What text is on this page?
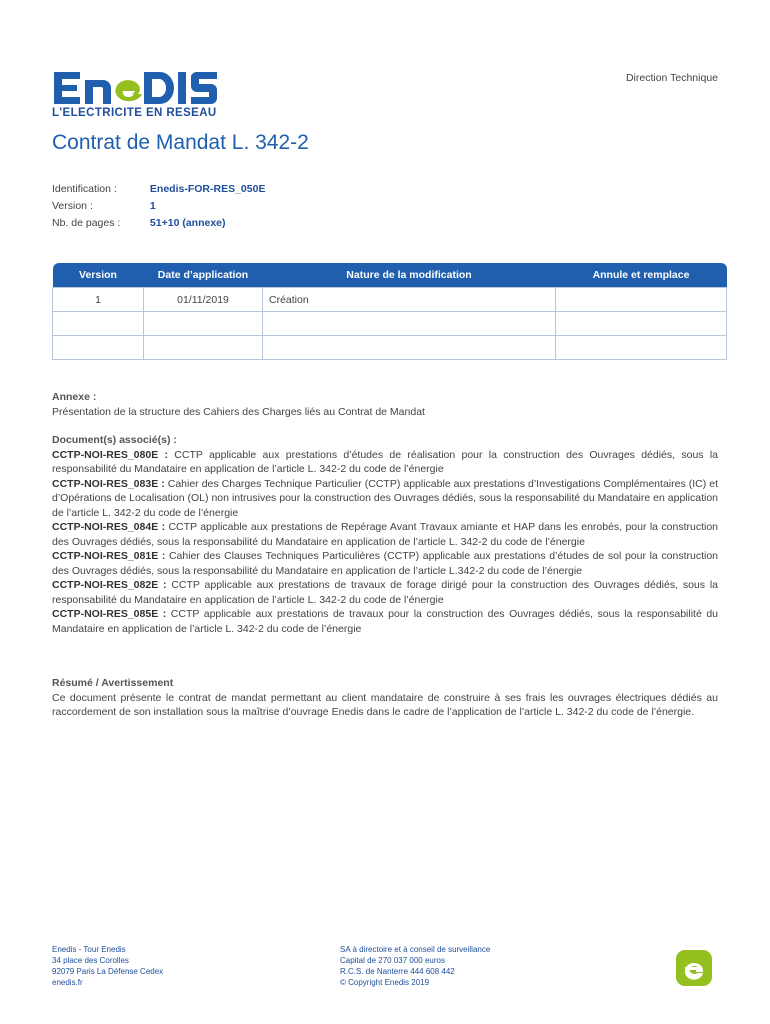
L'ELECTRICITE EN RESEAU
Direction Technique
Contrat de Mandat L. 342-2
Identification :	Enedis-FOR-RES_050E
Version :	1
Nb. de pages :	51+10 (annexe)
Version	Date d’application	Nature de la modification	Annule et remplace
1	01/11/2019	Création	

Annexe :
Présentation de la structure des Cahiers des Charges liés au Contrat de Mandat
Document(s) associé(s) :
CCTP-NOI-RES_080E : CCTP applicable aux prestations d’études de réalisation pour la construction des Ouvrages dédiés, sous la responsabilité du Mandataire en application de l’article L. 342-2 du code de l’énergie
CCTP-NOI-RES_083E : Cahier des Charges Technique Particulier (CCTP) applicable aux prestations d’Investigations Complémentaires (IC) et d’Opérations de Localisation (OL) non intrusives pour la construction des Ouvrages dédiés, sous la responsabilité du Mandataire en application de l’article L. 342-2 du code de l’énergie
CCTP-NOI-RES_084E : CCTP applicable aux prestations de Repérage Avant Travaux amiante et HAP dans les enrobés, pour la construction des Ouvrages dédiés, sous la responsabilité du Mandataire en application de l’article L. 342-2 du code de l’énergie
CCTP-NOI-RES_081E : Cahier des Clauses Techniques Particulières (CCTP) applicable aux prestations d’études de sol pour la construction des Ouvrages dédiés, sous la responsabilité du Mandataire en application de l’article L.342-2 du code de l’énergie
CCTP-NOI-RES_082E : CCTP applicable aux prestations de travaux de forage dirigé pour la construction des Ouvrages dédiés, sous la responsabilité du Mandataire en application de l’article L. 342-2 du code de l’énergie
CCTP-NOI-RES_085E : CCTP applicable aux prestations de travaux pour la construction des Ouvrages dédiés, sous la responsabilité du Mandataire en application de l’article L. 342-2 du code de l’énergie
Résumé / Avertissement
Ce document présente le contrat de mandat permettant au client mandataire de construire à ses frais les ouvrages électriques dédiés au raccordement de son installation sous la maîtrise d’ouvrage Enedis dans le cadre de l’application de l’article L. 342-2 du code de l’énergie.
Enedis - Tour Enedis
34 place des Corolles
92079 Paris La Défense Cedex
enedis.fr
SA à directoire et à conseil de surveillance
Capital de 270 037 000 euros
R.C.S. de Nanterre 444 608 442
© Copyright Enedis 2019
